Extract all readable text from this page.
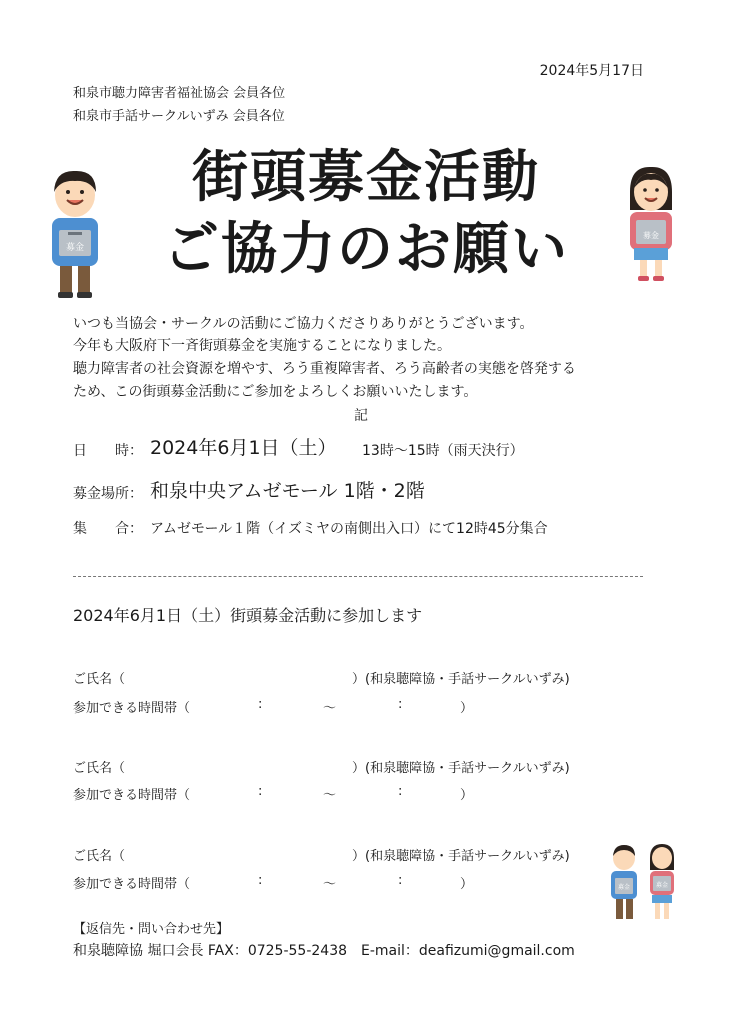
2024年5月17日
和泉市聴力障害者福祉協会 会員各位
和泉市手話サークルいずみ 会員各位
街頭募金活動
ご協力のお願い
募金
募金
いつも当協会・サークルの活動にご協力くださりありがとうございます。
今年も大阪府下一斉街頭募金を実施することになりました。
聴力障害者の社会資源を増やす、ろう重複障害者、ろう高齢者の実態を啓発する
ため、この街頭募金活動にご参加をよろしくお願いいたします。
記
日　　時： 2024年6月1日（土） 13時～15時（雨天決行）
募金場所： 和泉中央アムゼモール 1階・2階
集　　合： アムゼモール１階（イズミヤの南側出入口）にて12時45分集合
2024年6月1日（土）街頭募金活動に参加します
ご氏名（	）(和泉聴障協・手話サークルいずみ)
参加できる時間帯（	:	～	:	）
ご氏名（	）(和泉聴障協・手話サークルいずみ)
参加できる時間帯（	:	～	:	）
ご氏名（	）(和泉聴障協・手話サークルいずみ)
参加できる時間帯（	:	～	:	）	募金	募金
【返信先・問い合わせ先】
和泉聴障協 堀口会長 FAX：0725-55-2438　E-mail：deafizumi@gmail.com
